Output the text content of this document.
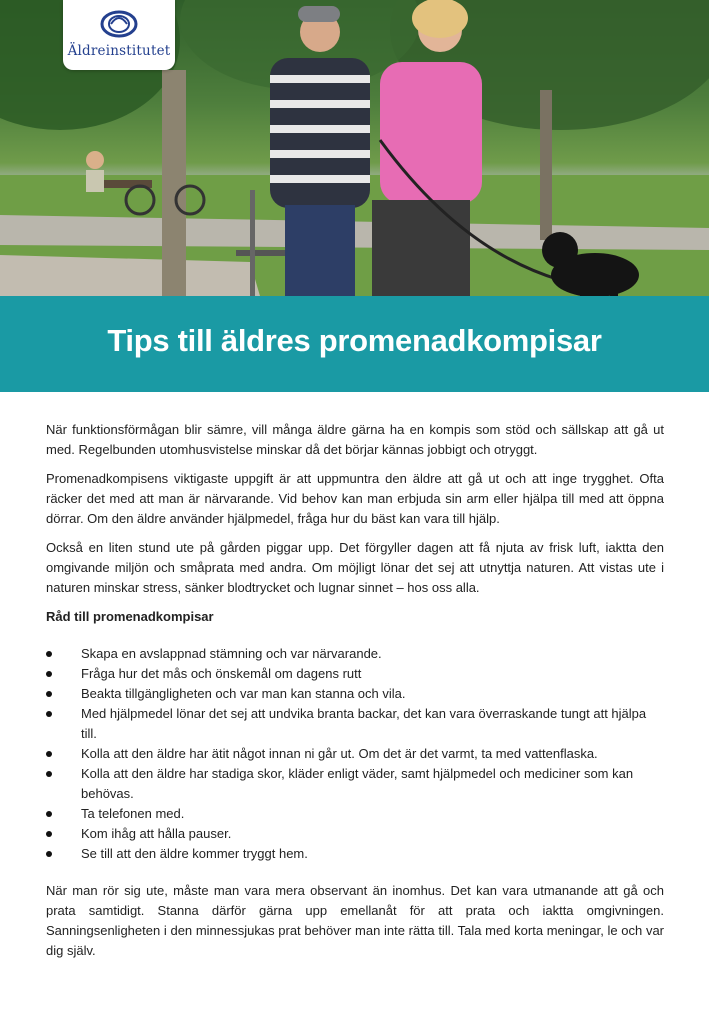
Äldreinstitutet
Tips till äldres promenadkompisar

När funktionsförmågan blir sämre, vill många äldre gärna ha en kompis som stöd och sällskap att gå ut med. Regelbunden utomhusvistelse minskar då det börjar kännas jobbigt och otryggt.

Promenadkompisens viktigaste uppgift är att uppmuntra den äldre att gå ut och att inge trygghet. Ofta räcker det med att man är närvarande. Vid behov kan man erbjuda sin arm eller hjälpa till med att öppna dörrar. Om den äldre använder hjälpmedel, fråga hur du bäst kan vara till hjälp.

Också en liten stund ute på gården piggar upp. Det förgyller dagen att få njuta av frisk luft, iaktta den omgivande miljön och småprata med andra. Om möjligt lönar det sej att utnyttja naturen. Att vistas ute i naturen minskar stress, sänker blodtrycket och lugnar sinnet – hos oss alla.

Råd till promenadkompisar
Skapa en avslappnad stämning och var närvarande.
Fråga hur det mås och önskemål om dagens rutt
Beakta tillgängligheten och var man kan stanna och vila.
Med hjälpmedel lönar det sej att undvika branta backar, det kan vara överraskande tungt att hjälpa till.
Kolla att den äldre har ätit något innan ni går ut. Om det är det varmt, ta med vattenflaska.
Kolla att den äldre har stadiga skor, kläder enligt väder, samt hjälpmedel och mediciner som kan behövas.
Ta telefonen med.
Kom ihåg att hålla pauser.
Se till att den äldre kommer tryggt hem.

När man rör sig ute, måste man vara mera observant än inomhus. Det kan vara utmanande att gå och prata samtidigt. Stanna därför gärna upp emellanåt för att prata och iaktta omgivningen. Sanningsenligheten i den minnessjukas prat behöver man inte rätta till. Tala med korta meningar, le och var dig själv.
